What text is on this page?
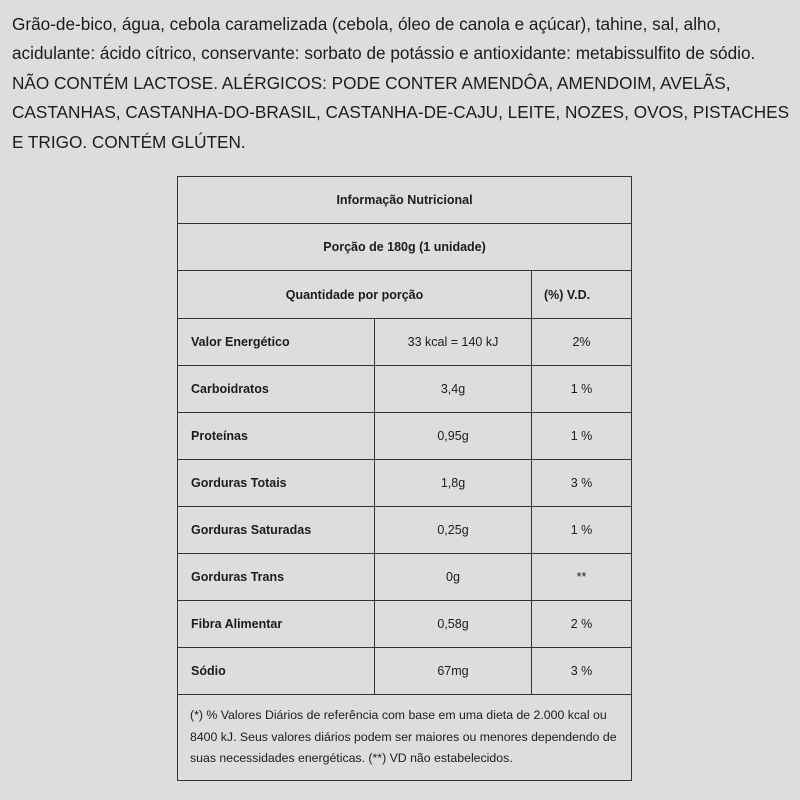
Grão-de-bico, água, cebola caramelizada (cebola, óleo de canola e açúcar), tahine, sal, alho,
acidulante: ácido cítrico, conservante: sorbato de potássio e antioxidante: metabissulfito de sódio.
NÃO CONTÉM LACTOSE. ALÉRGICOS: PODE CONTER AMENDÔA, AMENDOIM, AVELÃS,
CASTANHAS, CASTANHA-DO-BRASIL, CASTANHA-DE-CAJU, LEITE, NOZES, OVOS, PISTACHES
E TRIGO. CONTÉM GLÚTEN.

Informação Nutricional		
Porção de 180g (1 unidade)		
Quantidade por porção		(%) V.D.
Valor Energético	33 kcal = 140 kJ	2%
Carboidratos	3,4g	1 %
Proteínas	0,95g	1 %
Gorduras Totais	1,8g	3 %
Gorduras Saturadas	0,25g	1 %
Gorduras Trans	0g	**
Fibra Alimentar	0,58g	2 %
Sódio	67mg	3 %

(*) % Valores Diários de referência com base em uma dieta de 2.000 kcal ou
8400 kJ. Seus valores diários podem ser maiores ou menores dependendo de
suas necessidades energéticas. (**) VD não estabelecidos.		
